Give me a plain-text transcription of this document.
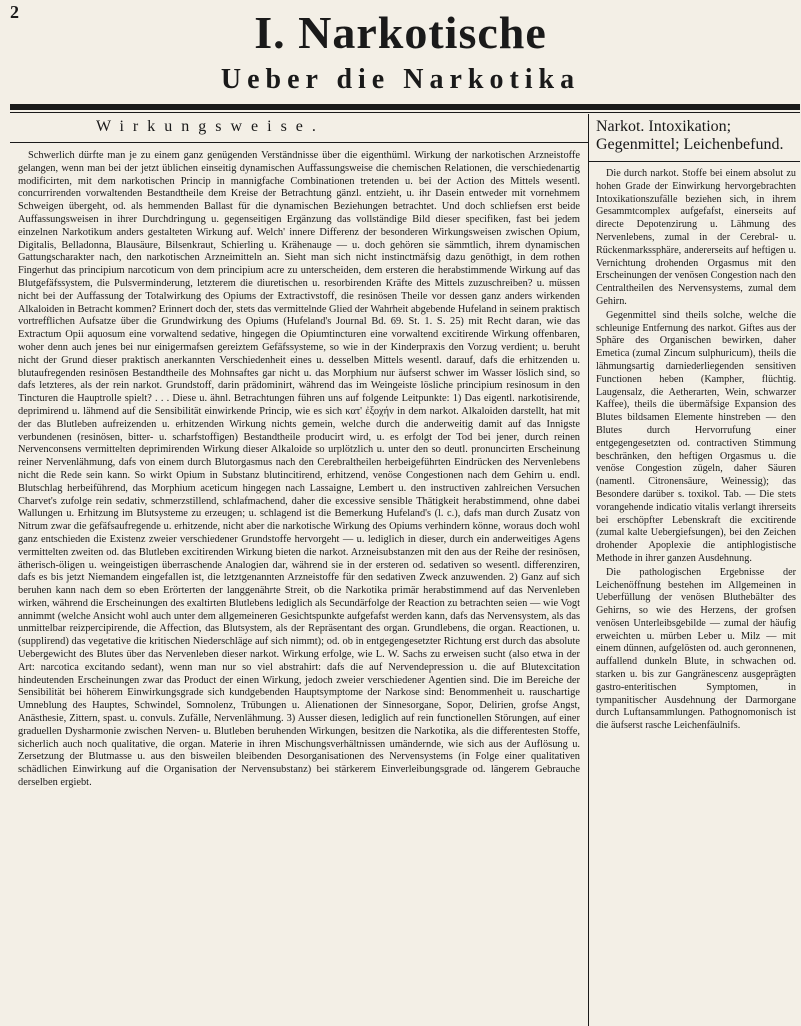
2	I. Narkotische
Ueber die Narkotika
Wirkungsweise.	Narkot. Intoxikation; Gegenmittel; Leichenbefund.

Schwerlich dürfte man je zu einem ganz genügenden Verständnisse über die eigenthüml. Wirkung der narkotischen Arzneistoffe gelangen, wenn man bei der jetzt üblichen einseitig dynamischen Auffassungsweise die chemischen Relationen, die verschiedenartig modificirten, mit dem narkotischen Princip in mannigfache Combinationen tretenden u. bei der Action des Mittels wesentl. concurrirenden vorwaltenden Bestandtheile dem Kreise der Betrachtung gänzl. entzieht, u. ihr Dasein entweder mit vornehmem Schweigen übergeht, od. als hemmenden Ballast für die dynamischen Beziehungen betrachtet. Und doch schliefsen erst beide Auffassungsweisen in ihrer Durchdringung u. gegenseitigen Ergänzung das vollständige Bild dieser specifiken, fast bei jedem einzelnen Narkotikum anders gestalteten Wirkung auf. Welch' innere Differenz der besonderen Wirkungsweisen zwischen Opium, Digitalis, Belladonna, Blausäure, Bilsenkraut, Schierling u. Krähenauge — u. doch gehören sie sämmtlich, ihrem dynamischen Gattungscharakter nach, den narkotischen Arzneimitteln an. Sieht man sich nicht instinctmäfsig dazu genöthigt, in dem rothen Fingerhut das principium narcoticum von dem principium acre zu unterscheiden, dem ersteren die herabstimmende Wirkung auf das Blutgefäfssystem, die Pulsverminderung, letzterem die diuretischen u. resorbirenden Kräfte des Mittels zuzuschreiben? u. müssen nicht bei der Auffassung der Totalwirkung des Opiums der Extractivstoff, die resinösen Theile vor dessen ganz anders wirkenden Alkaloiden in Betracht kommen? Erinnert doch der, stets das vermittelnde Glied der Wahrheit abgebende Hufeland in seinem praktisch vortrefflichen Aufsatze über die Grundwirkung des Opiums (Hufeland's Journal Bd. 69. St. 1. S. 25) mit Recht daran, wie das Extractum Opii aquosum eine vorwaltend sedative, hingegen die Opiumtincturen eine vorwaltend excitirende Wirkung offenbaren, woher denn auch jenes bei nur einigermafsen gereiztem Gefäfssysteme, so wie in der Kinderpraxis den Vorzug verdient; u. beruht nicht der Grund dieser praktisch anerkannten Verschiedenheit eines u. desselben Mittels wesentl. darauf, dafs die erhitzenden u. blutaufregenden resinösen Bestandtheile des Mohnsaftes gar nicht u. das Morphium nur äufserst schwer im Wasser löslich sind, so dafs letzteres, als der rein narkot. Grundstoff, darin prädominirt, während das im Weingeiste lösliche principium resinosum in den Tincturen die Hauptrolle spielt? . . . Diese u. ähnl. Betrachtungen führen uns auf folgende Leitpunkte: 1) Das eigentl. narkotisirende, deprimirend u. lähmend auf die Sensibilität einwirkende Princip, wie es sich κατ' ἐξοχήν in dem narkot. Alkaloiden darstellt, hat mit der das Blutleben aufreizenden u. erhitzenden Wirkung nichts gemein, welche durch die anderweitig damit auf das Innigste verbundenen (resinösen, bitter- u. scharfstoffigen) Bestandtheile producirt wird, u. es erfolgt der Tod bei jener, durch reinen Nervenconsens vermittelten deprimirenden Wirkung dieser Alkaloide so urplötzlich u. unter den so deutl. pronuncirten Erscheinung reiner Nervenlähmung, dafs von einem durch Blutorgasmus nach den Cerebraltheilen herbeigeführten Eindrücken des Nervenlebens nicht die Rede sein kann. So wirkt Opium in Substanz blutincitirend, erhitzend, venöse Congestionen nach dem Gehirn u. endl. Blutschlag herbeiführend, das Morphium aceticum hingegen nach Lassaigne, Lembert u. den instructiven zahlreichen Versuchen Charvet's zufolge rein sedativ, schmerzstillend, schlafmachend, daher die excessive sensible Thätigkeit herabstimmend, ohne dabei Wallungen u. Erhitzung im Blutsysteme zu erzeugen; u. schlagend ist die Bemerkung Hufeland's (l. c.), dafs man durch Zusatz von Nitrum zwar die gefäfsaufregende u. erhitzende, nicht aber die narkotische Wirkung des Opiums verhindern könne, woraus doch wohl ganz entschieden die Existenz zweier verschiedener Grundstoffe hervorgeht — u. lediglich in dieser, durch ein anderweitiges Agens vermittelten zweiten od. das Blutleben excitirenden Wirkung bieten die narkot. Arzneisubstanzen mit den aus der Reihe der resinösen, ätherisch-öligen u. weingeistigen überraschende Analogien dar, während sie in der ersteren od. sedativen so wesentl. differenziren, dafs es bis jetzt Niemandem eingefallen ist, die letztgenannten Arzneistoffe für den sedativen Zweck anzuwenden. 2) Ganz auf sich beruhen kann nach dem so eben Erörterten der langgenährte Streit, ob die Narkotika primär herabstimmend auf das Nervenleben wirken, während die Erscheinungen des exaltirten Blutlebens lediglich als Secundärfolge der Reaction zu betrachten seien — wie Vogt annimmt (welche Ansicht wohl auch unter dem allgemeineren Gesichtspunkte aufgefafst werden kann, dafs das Nervensystem, als das unmittelbar reizpercipirende, die Affection, das Blutsystem, als der Repräsentant des organ. Grundlebens, die organ. Reactionen, u. (supplirend) das vegetative die kritischen Niederschläge auf sich nimmt); od. ob in entgegengesetzter Richtung erst durch das absolute Uebergewicht des Blutes über das Nervenleben dieser narkot. Wirkung erfolge, wie L. W. Sachs zu erweisen sucht (also etwa in der Art: narcotica excitando sedant), wenn man nur so viel abstrahirt: dafs die auf Nervendepression u. die auf Blutexcitation hindeutenden Erscheinungen zwar das Product der einen Wirkung, jedoch zweier verschiedener Agentien sind. Die im Bereiche der Sensibilität bei höherem Einwirkungsgrade sich kundgebenden Hauptsymptome der Narkose sind: Benommenheit u. rauschartige Umneblung des Hauptes, Schwindel, Somnolenz, Trübungen u. Alienationen der Sinnesorgane, Sopor, Delirien, grofse Angst, Anästhesie, Zittern, spast. u. convuls. Zufälle, Nervenlähmung. 3) Ausser diesen, lediglich auf rein functionellen Störungen, auf einer graduellen Dysharmonie zwischen Nerven- u. Blutleben beruhenden Wirkungen, besitzen die Narkotika, als die differentesten Stoffe, sicherlich auch noch qualitative, die organ. Materie in ihren Mischungsverhältnissen umändernde, wie sich aus der Auflösung u. Zersetzung der Blutmasse u. aus den bisweilen bleibenden Desorganisationen des Nervensystems (in Folge einer qualitativen schädlichen Einwirkung auf die Organisation der Nervensubstanz) bei stärkerem Einverleibungsgrade od. längerem Gebrauche derselben ergiebt.

Die durch narkot. Stoffe bei einem absolut zu hohen Grade der Einwirkung hervorgebrachten Intoxikationszufälle beziehen sich, in ihrem Gesammtcomplex aufgefafst, einerseits auf directe Depotenzirung u. Lähmung des Nervenlebens, zumal in der Cerebral- u. Rückenmarkssphäre, andererseits auf heftigen u. Vernichtung drohenden Orgasmus mit den Erscheinungen der venösen Congestion nach den Centraltheilen des Nervensystems, zumal dem Gehirn.

Gegenmittel sind theils solche, welche die schleunige Entfernung des narkot. Giftes aus der Sphäre des Organischen bewirken, daher Emetica (zumal Zincum sulphuricum), theils die lähmungsartig darniederliegenden sensitiven Functionen heben (Kampher, flüchtig. Laugensalz, die Aetherarten, Wein, schwarzer Kaffee), theils die übermäfsige Expansion des Blutes bildsamen Elemente hinstreben — den Blutes durch Hervorrufung einer entgegengesetzten od. contractiven Stimmung beschränken, den heftigen Orgasmus u. die venöse Congestion zügeln, daher Säuren (namentl. Citronensäure, Weinessig); das Besondere darüber s. toxikol. Tab. — Die stets vorangehende indicatio vitalis verlangt ihrerseits bei erschöpfter Lebenskraft die excitirende (zumal kalte Uebergiefsungen), bei den Zeichen drohender Apoplexie die antiphlogistische Methode in ihrer ganzen Ausdehnung.

Die pathologischen Ergebnisse der Leichenöffnung bestehen im Allgemeinen in Ueberfüllung der venösen Bluthebälter des Gehirns, so wie des Herzens, der grofsen venösen Unterleibsgebilde — zumal der häufig erweichten u. mürben Leber u. Milz — mit einem dünnen, aufgelösten od. auch geronnenen, auffallend dunkeln Blute, in schwachen od. starken u. bis zur Gangränescenz ausgeprägten gastro-enteritischen Symptomen, in tympanitischer Ausdehnung der Darmorgane durch Luftansammlungen. Pathognomonisch ist die äufserst rasche Leichenfäulnifs.
